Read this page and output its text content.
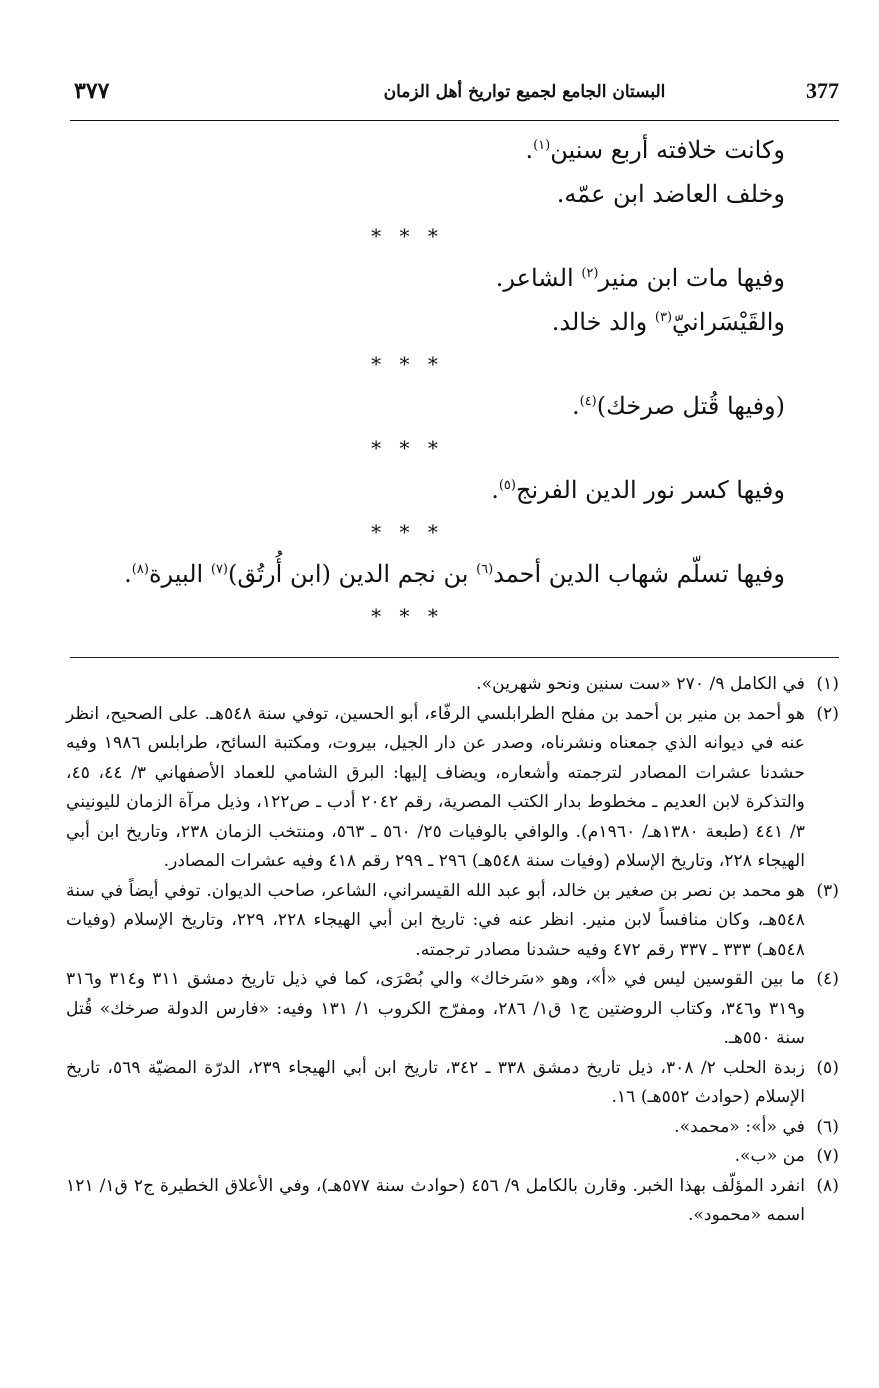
377
البستان الجامع لجميع تواريخ أهل الزمان
٣٧٧
وكانت خلافته أربع سنين$^{(١)}$.
وخلف العاضد ابن عمّه.
* * *
وفيها مات ابن منير$^{(٢)}$ الشاعر.
والقَيْسَرانيّ$^{(٣)}$ والد خالد.
* * *
(وفيها قُتل صرخك)$^{(٤)}$.
* * *
وفيها كسر نور الدين الفرنج$^{(٥)}$.
* * *
وفيها تسلّم شهاب الدين أحمد$^{(٦)}$ بن نجم الدين (ابن أُرتُق)$^{(٧)}$ البيرة$^{(٨)}$.
* * *
(١)
في الكامل ٩/ ٢٧٠ «ست سنين ونحو شهرين».
(٢)
هو أحمد بن منير بن أحمد بن مفلح الطرابلسي الرفّاء، أبو الحسين، توفي سنة ٥٤٨هـ. على الصحيح، انظر عنه في ديوانه الذي جمعناه ونشرناه، وصدر عن دار الجيل، بيروت، ومكتبة السائح، طرابلس ١٩٨٦ وفيه حشدنا عشرات المصادر لترجمته وأشعاره، ويضاف إليها: البرق الشامي للعماد الأصفهاني ٣/ ٤٤، ٤٥، والتذكرة لابن العديم ـ مخطوط بدار الكتب المصرية، رقم ٢٠٤٢ أدب ـ ص١٢٢، وذيل مرآة الزمان لليونيني ٣/ ٤٤١ (طبعة ١٣٨٠هـ/ ١٩٦٠م). والوافي بالوفيات ٢٥/ ٥٦٠ ـ ٥٦٣، ومنتخب الزمان ٢٣٨، وتاريخ ابن أبي الهيجاء ٢٢٨، وتاريخ الإسلام (وفيات سنة ٥٤٨هـ) ٢٩٦ ـ ٢٩٩ رقم ٤١٨ وفيه عشرات المصادر.
(٣)
هو محمد بن نصر بن صغير بن خالد، أبو عبد الله القيسراني، الشاعر، صاحب الديوان. توفي أيضاً في سنة ٥٤٨هـ، وكان منافساً لابن منير. انظر عنه في: تاريخ ابن أبي الهيجاء ٢٢٨، ٢٢٩، وتاريخ الإسلام (وفيات ٥٤٨هـ) ٣٣٣ ـ ٣٣٧ رقم ٤٧٢ وفيه حشدنا مصادر ترجمته.
(٤)
ما بين القوسين ليس في «أ»، وهو «سَرخاك» والي بُصْرَى، كما في ذيل تاريخ دمشق ٣١١ و٣١٤ و٣١٦ و٣١٩ و٣٤٦، وكتاب الروضتين ج١ ق١/ ٢٨٦، ومفرّج الكروب ١/ ١٣١ وفيه: «فارس الدولة صرخك» قُتل سنة ٥٥٠هـ.
(٥)
زبدة الحلب ٢/ ٣٠٨، ذيل تاريخ دمشق ٣٣٨ ـ ٣٤٢، تاريخ ابن أبي الهيجاء ٢٣٩، الدرّة المضيّة ٥٦٩، تاريخ الإسلام (حوادث ٥٥٢هـ) ١٦.
(٦)
في «أ»: «محمد».
(٧)
من «ب».
(٨)
انفرد المؤلّف بهذا الخبر. وقارن بالكامل ٩/ ٤٥٦ (حوادث سنة ٥٧٧هـ)، وفي الأعلاق الخطيرة ج٢ ق١/ ١٢١ اسمه «محمود».
